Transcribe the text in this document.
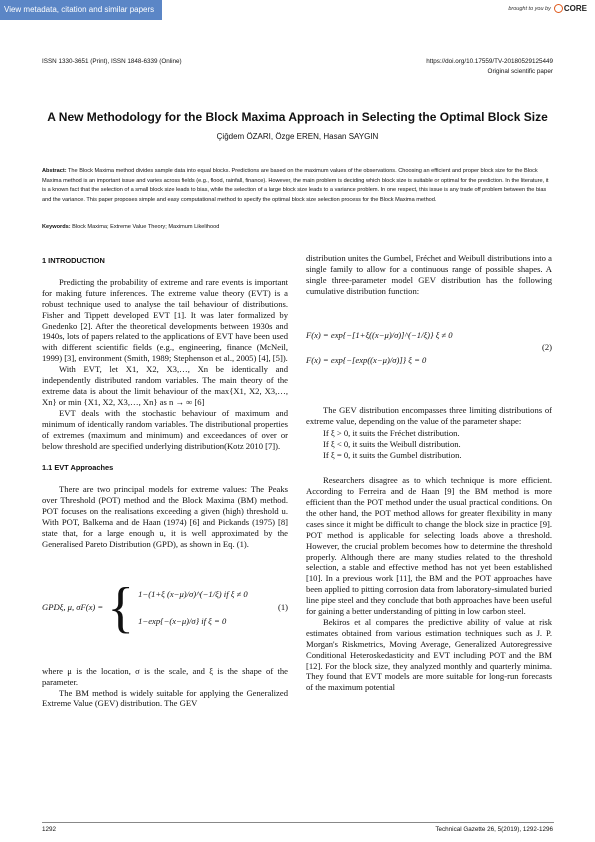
View metadata, citation and similar papers at core.ac.uk
brought to you by CORE
ISSN 1330-3651 (Print), ISSN 1848-6339 (Online)	https://doi.org/10.17559/TV-20180529125449
Original scientific paper
A New Methodology for the Block Maxima Approach in Selecting the Optimal Block Size
Çiğdem ÖZARI, Özge EREN, Hasan SAYGIN
Abstract: The Block Maxima method divides sample data into equal blocks. Predictions are based on the maximum values of the observations. Choosing an efficient and proper block size for the Block Maxima method is an important issue and varies across fields (e.g., flood, rainfall, finance). However, the main problem is deciding which block size is suitable or optimal for the prediction. In the literature, it is a known fact that the selection of a small block size leads to bias, while the selection of a large block size leads to a variance problem. In one respect, this issue is any trade off problem between the bias and the variance. This paper proposes simple and easy computational method to specify the optimal block size selection process for the Block Maxima method.
Keywords: Block Maxima; Extreme Value Theory; Maximum Likelihood
1 INTRODUCTION

Predicting the probability of extreme and rare events is important for making future inferences. The extreme value theory (EVT) is a robust technique used to analyse the tail behaviour of distributions. Fisher and Tippett developed EVT [1]. It was later formalized by Gnedenko [2]. After the theoretical developments between 1930s and 1940s, lots of papers related to the applications of EVT have been used with different scientific fields (e.g., engineering, finance (McNeil, 1999) [3], environment (Smith, 1989; Stephenson et al., 2005) [4], [5]).

With EVT, let X1, X2, X3,…, Xn be identically and independently distributed random variables. The main theory of the extreme data is about the limit behaviour of the max{X1, X2, X3,…, Xn} or min {X1, X2, X3,…, Xn} as n → ∞ [6]

EVT deals with the stochastic behaviour of maximum and minimum of identically random variables. The distributional properties of extremes (maximum and minimum) and exceedances of over or below threshold are specified underlying distribution(Kotz 2010 [7]).

1.1 EVT Approaches

There are two principal models for extreme values: The Peaks over Threshold (POT) method and the Block Maxima (BM) method. POT focuses on the realisations exceeding a given (high) threshold u. With POT, Balkema and de Haan (1974) [6] and Pickands (1975) [8] state that, for a large enough u, it is well approximated by the Generalised Pareto Distribution (GPD), as shown in Eq. (1).

GPDξ, μ, σF(x) = { 1−(1+ξ (x−μ)/σ)^(−1/ξ) if ξ ≠ 0
1−exp{−(x−μ)/σ} if ξ = 0
(1)

where μ is the location, σ is the scale, and ξ is the shape of the parameter.

The BM method is widely suitable for applying the Generalized Extreme Value (GEV) distribution. The GEV

distribution unites the Gumbel, Fréchet and Weibull distributions into a single family to allow for a continuous range of possible shapes. A single three-parameter model GEV distribution has the following cumulative distribution function:

F(x) = exp{−[1+ξ((x−μ)/σ)]^(−1/ξ)} ξ ≠ 0
F(x) = exp{−[exp((x−μ)/σ)]} ξ = 0
(2)

The GEV distribution encompasses three limiting distributions of extreme value, depending on the value of the parameter shape:

If ξ > 0, it suits the Fréchet distribution.
If ξ < 0, it suits the Weibull distribution.
If ξ = 0, it suits the Gumbel distribution.

Researchers disagree as to which technique is more efficient. According to Ferreira and de Haan [9] the BM method is more efficient than the POT method under the usual practical conditions. On the other hand, the POT method allows for greater flexibility in many cases since it might be difficult to change the block size in practice [9]. POT method is applicable for selecting loads above a threshold. However, the crucial problem becomes how to determine the threshold properly. Although there are many studies related to the threshold selection, a stable and effective method has not yet been established [10]. In a previous work [11], the BM and the POT approaches have been applied to pitting corrosion data from laboratory-simulated buried line pipe steel and they conclude that both approaches have been useful for gaining a better understanding of pitting in low carbon steel.

Bekiros et al compares the predictive ability of value at risk estimates obtained from various estimation techniques such as J. P. Morgan's Riskmetrics, Moving Average, Generalized Autoregressive Conditional Heteroskedasticity and EVT including POT and the BM [12]. For the block size, they analyzed monthly and quarterly minima. They found that EVT models are more suitable for long-run forecasts of the maximum potential

1292	Technical Gazette 26, 5(2019), 1292-1296
